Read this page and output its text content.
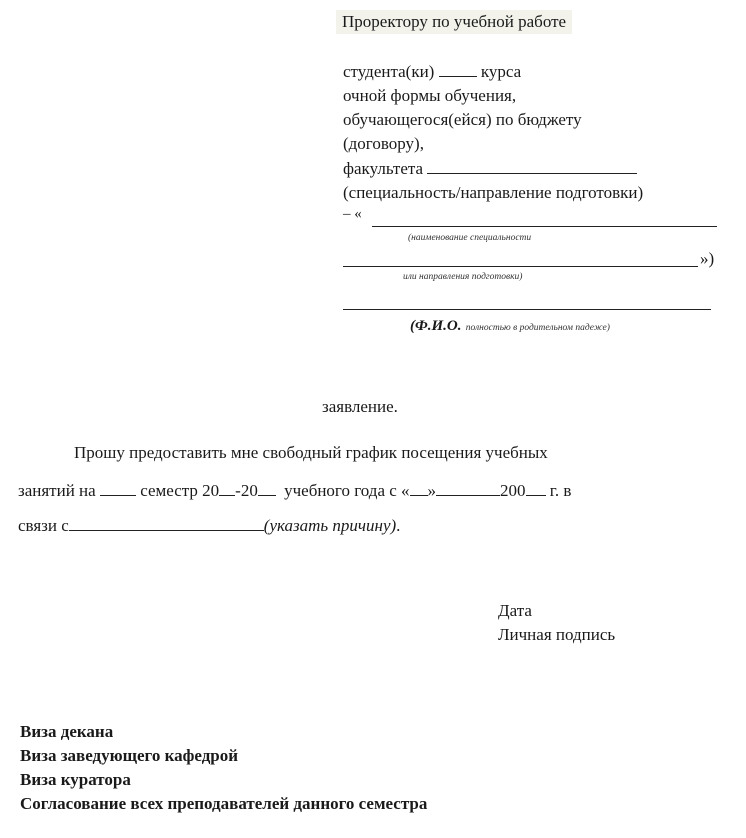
Проректору по учебной работе
студента(ки)	курса
очной формы обучения,
обучающегося(ейся) по бюджету
(договору),
факультета
(специальность/направление подготовки)
– «
(наименование специальности
»)
или направления подготовки)
(Ф.И.О. полностью в родительном падеже)
заявление.
Прошу предоставить мне свободный график посещения учебных
занятий на	семестр 20 -20 учебного года с « »	200 г. в
связи с	(указать причину).
Дата
Личная подпись
Виза декана
Виза заведующего кафедрой
Виза куратора
Согласование всех преподавателей данного семестра
